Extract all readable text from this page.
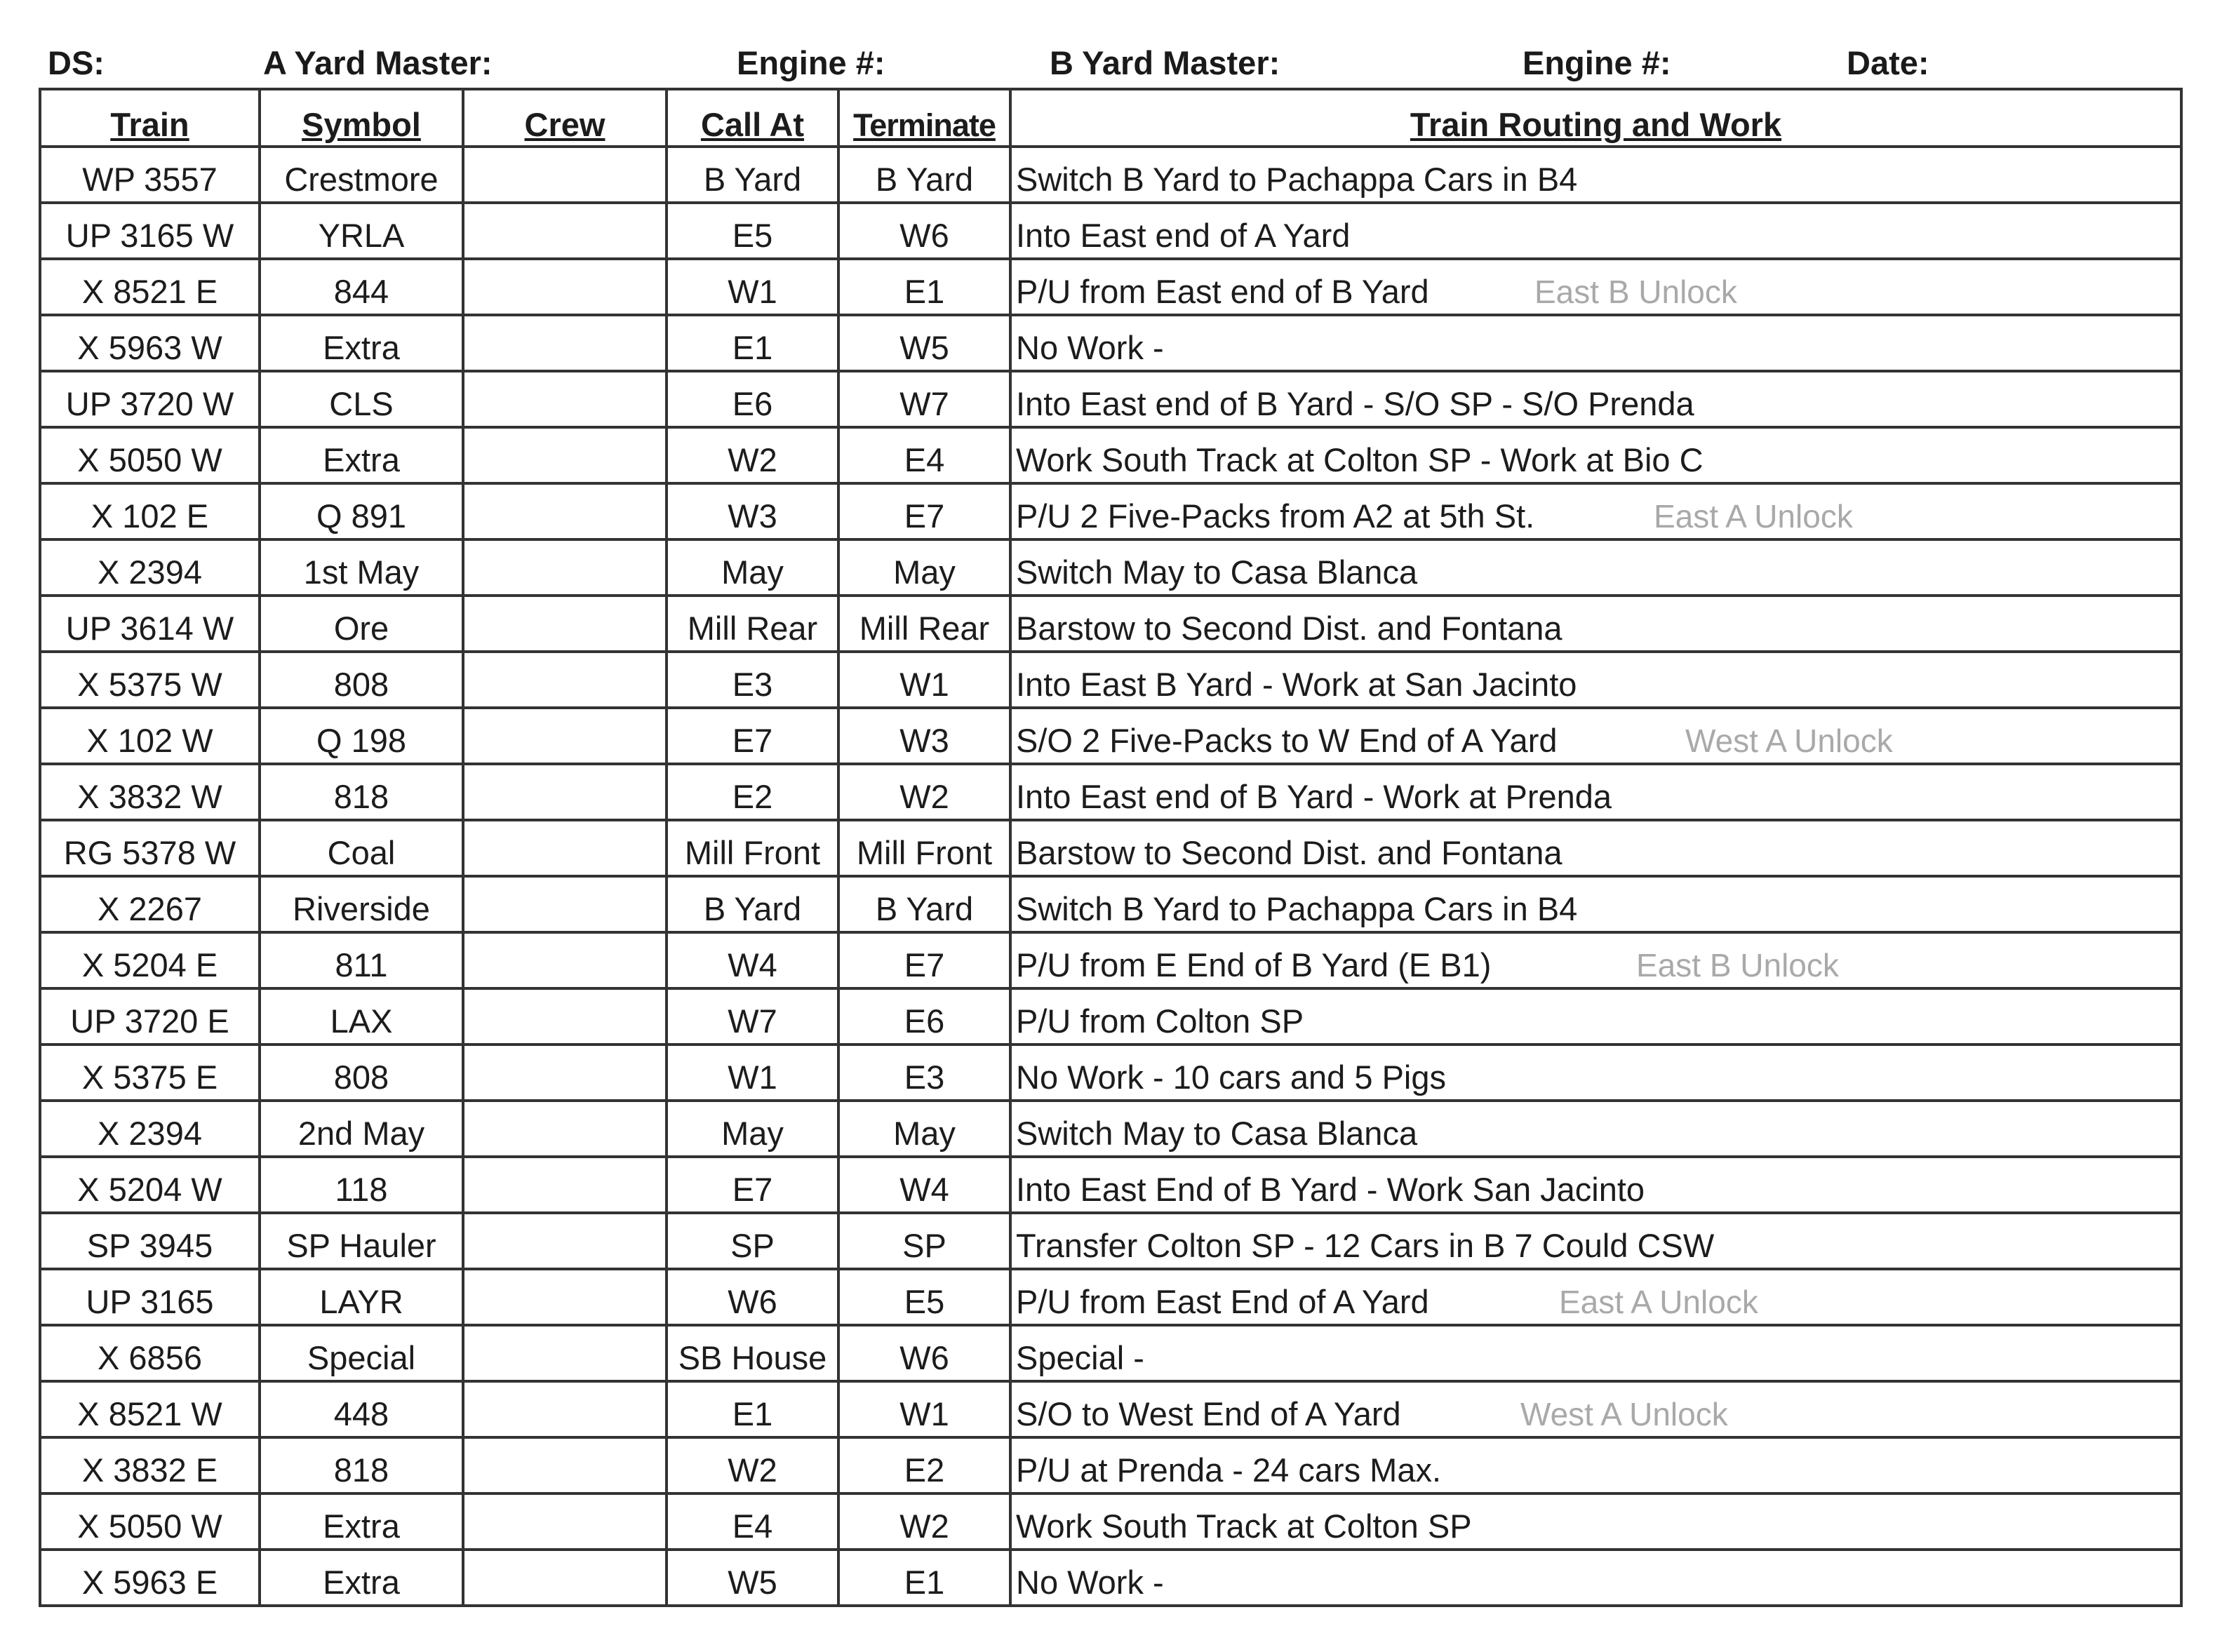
DS:	A Yard Master:	Engine #:	B Yard Master:	Engine #:	Date:
Train	Symbol	Crew	Call At	Terminate	Train Routing and Work
WP 3557	Crestmore		B Yard	B Yard	Switch B Yard to Pachappa Cars in B4
UP 3165 W	YRLA		E5	W6	Into East end of A Yard
X 8521 E	844		W1	E1	P/U from East end of B Yard East B Unlock

X 5963 W	Extra		E1	W5	No Work -
UP 3720 W	CLS		E6	W7	Into East end of B Yard - S/O SP - S/O Prenda
X 5050 W	Extra		W2	E4	Work South Track at Colton SP - Work at Bio C
X 102 E	Q 891		W3	E7	P/U 2 Five-Packs from A2 at 5th St. East A Unlock

X 2394	1st May		May	May	Switch May to Casa Blanca
UP 3614 W	Ore		Mill Rear	Mill Rear	Barstow to Second Dist. and Fontana
X 5375 W	808		E3	W1	Into East B Yard - Work at San Jacinto
X 102 W	Q 198		E7	W3	S/O 2 Five-Packs to W End of A Yard West A Unlock

X 3832 W	818		E2	W2	Into East end of B Yard - Work at Prenda
RG 5378 W	Coal		Mill Front	Mill Front	Barstow to Second Dist. and Fontana
X 2267	Riverside		B Yard	B Yard	Switch B Yard to Pachappa Cars in B4
X 5204 E	811		W4	E7	P/U from E End of B Yard (E B1) East B Unlock

UP 3720 E	LAX		W7	E6	P/U from Colton SP
X 5375 E	808		W1	E3	No Work - 10 cars and 5 Pigs
X 2394	2nd May		May	May	Switch May to Casa Blanca
X 5204 W	118		E7	W4	Into East End of B Yard - Work San Jacinto
SP 3945	SP Hauler		SP	SP	Transfer Colton SP - 12 Cars in B 7 Could CSW
UP 3165	LAYR		W6	E5	P/U from East End of A Yard East A Unlock

X 6856	Special		SB House	W6	Special -
X 8521 W	448		E1	W1	S/O to West End of A Yard West A Unlock

X 3832 E	818		W2	E2	P/U at Prenda - 24 cars Max.
X 5050 W	Extra		E4	W2	Work South Track at Colton SP
X 5963 E	Extra		W5	E1	No Work -
